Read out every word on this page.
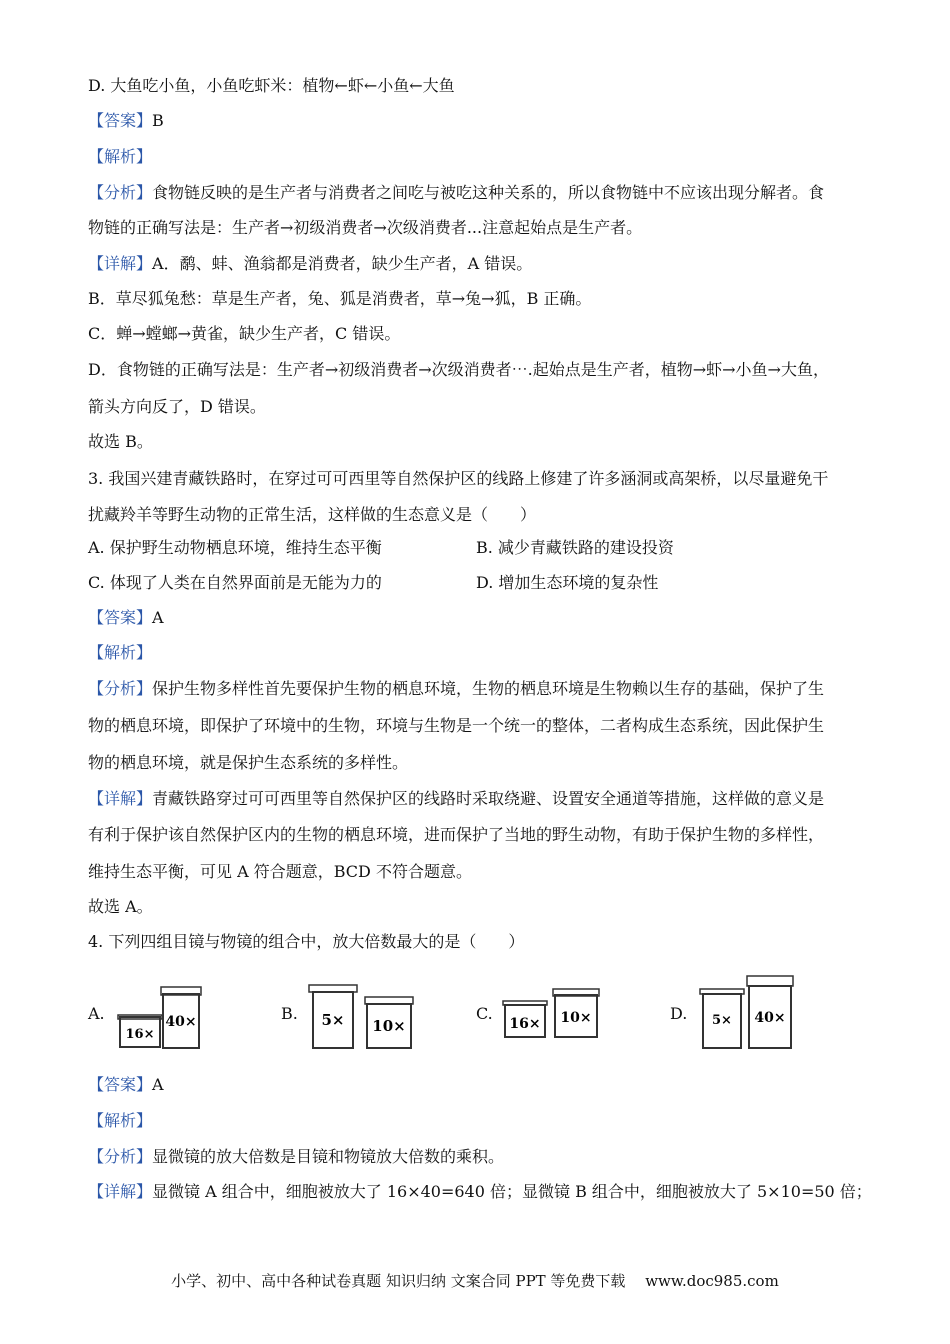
D. 大鱼吃小鱼，小鱼吃虾米：植物←虾←小鱼←大鱼
【答案】B
【解析】
【分析】食物链反映的是生产者与消费者之间吃与被吃这种关系的，所以食物链中不应该出现分解者。食
物链的正确写法是：生产者→初级消费者→次级消费者...注意起始点是生产者。
【详解】A．鹬、蚌、渔翁都是消费者，缺少生产者，A 错误。
B．草尽狐兔愁：草是生产者，兔、狐是消费者，草→兔→狐，B 正确。
C．蝉→螳螂→黄雀，缺少生产者，C 错误。
D．食物链的正确写法是：生产者→初级消费者→次级消费者⋯.起始点是生产者，植物→虾→小鱼→大鱼，
箭头方向反了，D 错误。
故选 B。
3. 我国兴建青藏铁路时，在穿过可可西里等自然保护区的线路上修建了许多涵洞或高架桥，以尽量避免干
扰藏羚羊等野生动物的正常生活，这样做的生态意义是（　　）
A. 保护野生动物栖息环境，维持生态平衡	B. 减少青藏铁路的建设投资
C. 体现了人类在自然界面前是无能为力的	D. 增加生态环境的复杂性
【答案】A
【解析】
【分析】保护生物多样性首先要保护生物的栖息环境，生物的栖息环境是生物赖以生存的基础，保护了生
物的栖息环境，即保护了环境中的生物，环境与生物是一个统一的整体，二者构成生态系统，因此保护生
物的栖息环境，就是保护生态系统的多样性。
【详解】青藏铁路穿过可可西里等自然保护区的线路时采取绕避、设置安全通道等措施，这样做的意义是
有利于保护该自然保护区内的生物的栖息环境，进而保护了当地的野生动物，有助于保护生物的多样性，
维持生态平衡，可见 A 符合题意，BCD 不符合题意。
故选 A。
4. 下列四组目镜与物镜的组合中，放大倍数最大的是（　　）
A.
16×
40×	B. 5× 10×
C.
16× 10×	D. 5× 40×
【答案】A
【解析】
【分析】显微镜的放大倍数是目镜和物镜放大倍数的乘积。
【详解】显微镜 A 组合中，细胞被放大了 16×40=640 倍；显微镜 B 组合中，细胞被放大了 5×10=50 倍；
小学、初中、高中各种试卷真题 知识归纳 文案合同 PPT 等免费下载　 www.doc985.com
